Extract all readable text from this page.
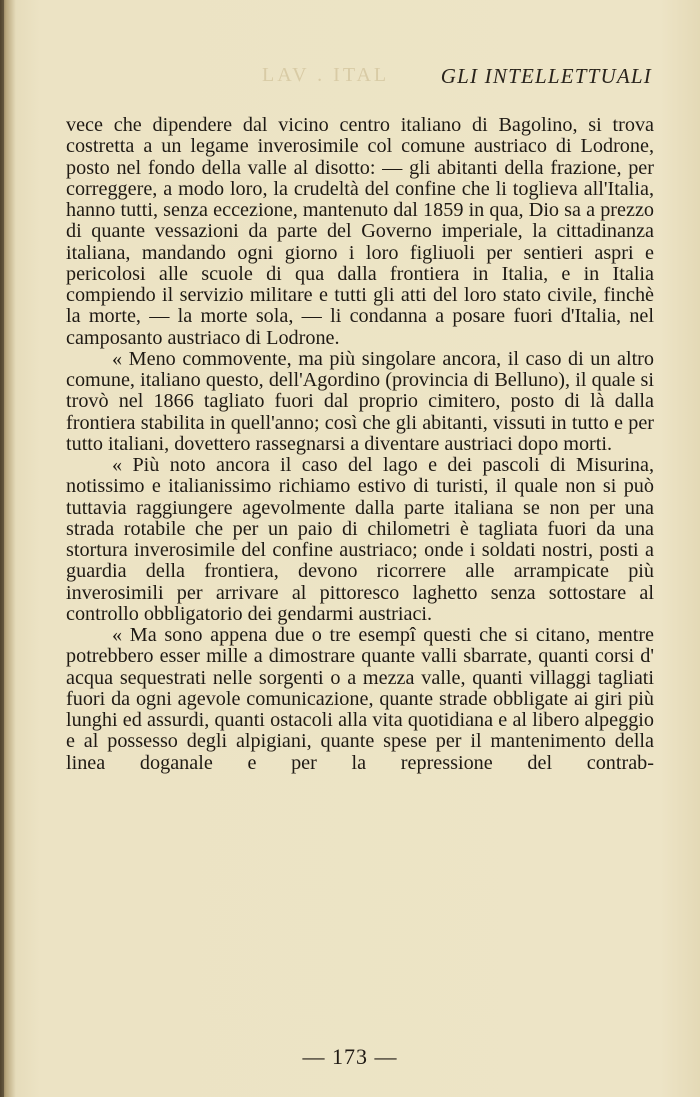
LAV . ITAL GLI INTELLETTUALI

vece che dipendere dal vicino centro italiano di Bagolino, si trova costretta a un legame inverosimile col comune austriaco di Lodrone, posto nel fondo della valle al disotto: — gli abitanti della frazione, per correggere, a modo loro, la crudeltà del confine che li toglieva all'Italia, hanno tutti, senza eccezione, mantenuto dal 1859 in qua, Dio sa a prezzo di quante vessazioni da parte del Governo imperiale, la cittadinanza italiana, mandando ogni giorno i loro figliuoli per sentieri aspri e pericolosi alle scuole di qua dalla frontiera in Italia, e in Italia compiendo il servizio militare e tutti gli atti del loro stato civile, finchè la morte, — la morte sola, — li condanna a posare fuori d'Italia, nel camposanto austriaco di Lodrone.

« Meno commovente, ma più singolare ancora, il caso di un altro comune, italiano questo, dell'Agordino (provincia di Belluno), il quale si trovò nel 1866 tagliato fuori dal proprio cimitero, posto di là dalla frontiera stabilita in quell'anno; così che gli abitanti, vissuti in tutto e per tutto italiani, dovettero rassegnarsi a diventare austriaci dopo morti.

« Più noto ancora il caso del lago e dei pascoli di Misurina, notissimo e italianissimo richiamo estivo di turisti, il quale non si può tuttavia raggiungere agevolmente dalla parte italiana se non per una strada rotabile che per un paio di chilometri è tagliata fuori da una stortura inverosimile del confine austriaco; onde i soldati nostri, posti a guardia della frontiera, devono ricorrere alle arrampicate più inverosimili per arrivare al pittoresco laghetto senza sottostare al controllo obbligatorio dei gendarmi austriaci.

« Ma sono appena due o tre esempî questi che si citano, mentre potrebbero esser mille a dimostrare quante valli sbarrate, quanti corsi d' acqua sequestrati nelle sorgenti o a mezza valle, quanti villaggi tagliati fuori da ogni agevole comunicazione, quante strade obbligate ai giri più lunghi ed assurdi, quanti ostacoli alla vita quotidiana e al libero alpeggio e al possesso degli alpigiani, quante spese per il mantenimento della linea doganale e per la repressione del contrab-

— 173 —
